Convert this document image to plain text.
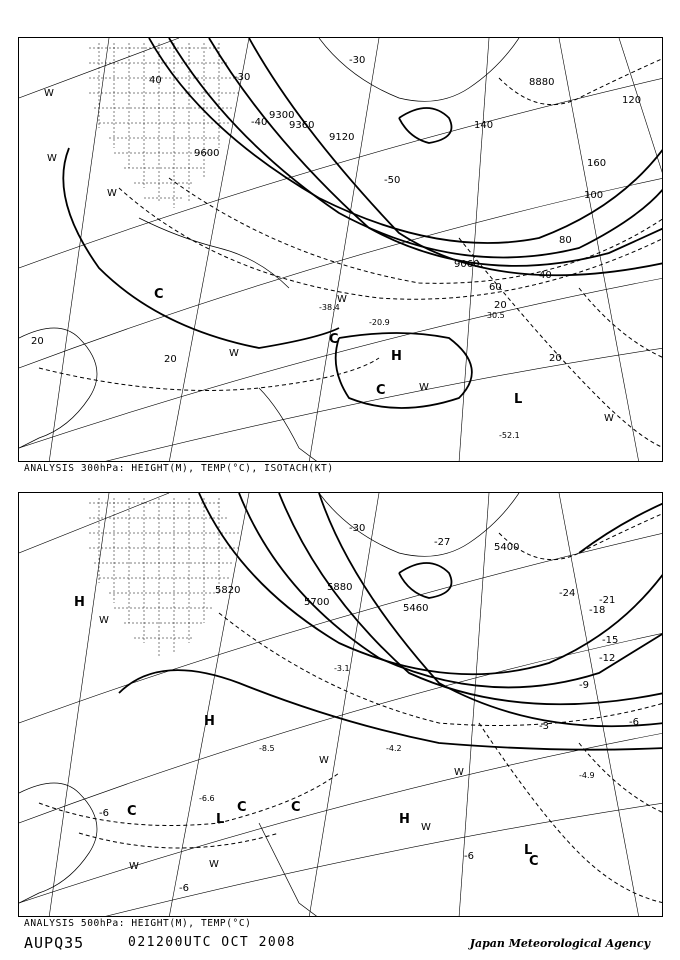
9600
9360
9120
9300
9060
8880
20
20
20
20
40
40
60
80
100
120
140
160
-30
-30
-40
-50
-52.1
-30.5
-20.9
-38.4
H
C
C
C
L
W
W
W
W
W
W
W
ANALYSIS 300hPa: HEIGHT(M), TEMP(°C), ISOTACH(KT)
5880
5700
5400
5460
5820
-30
-27
-24
-21
-18
-15
-12
-9
-6
-6
-6
-6
-3
-4.2
-4.9
-8.5
-3.1
-6.6
H
H
H
L
L
C	C	C
C
W
W	W
W
W
W
ANALYSIS 500hPa: HEIGHT(M), TEMP(°C)
AUPQ35	021200UTC OCT 2008	Japan Meteorological Agency
